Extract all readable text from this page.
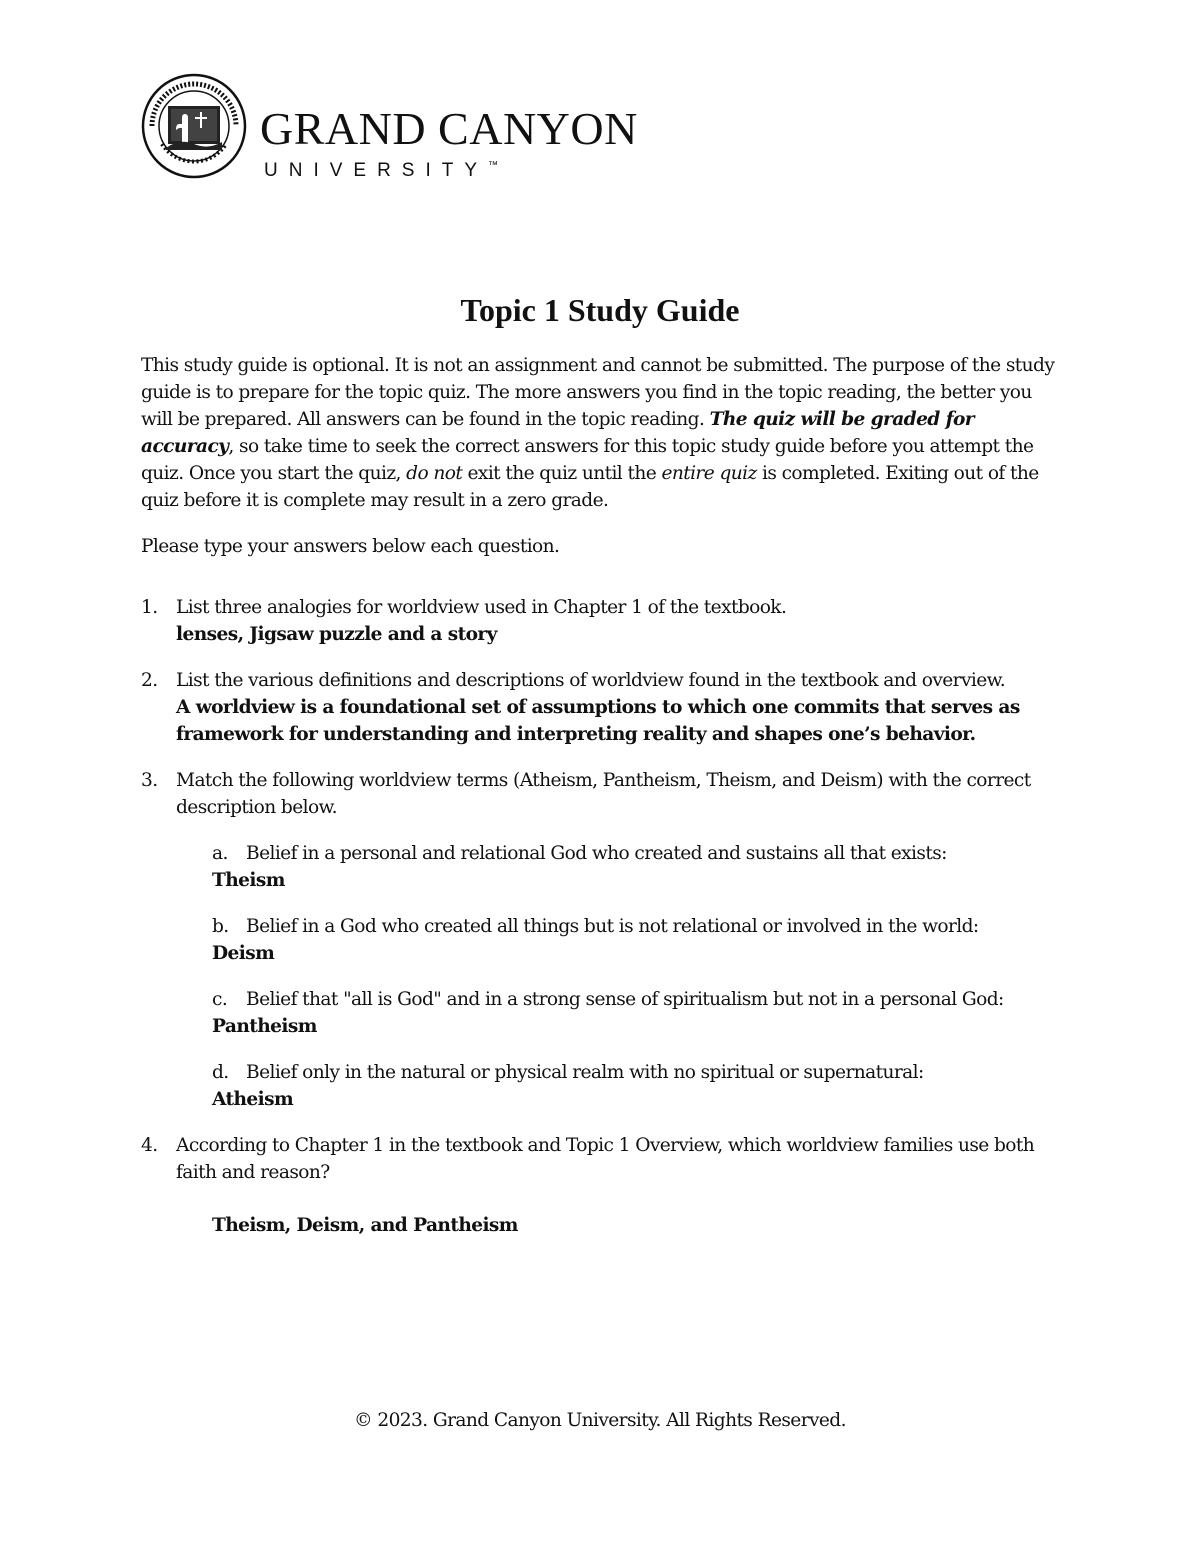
GRAND CANYON
UNIVERSITY™
Topic 1 Study Guide

This study guide is optional. It is not an assignment and cannot be submitted. The purpose of the study guide is to prepare for the topic quiz. The more answers you find in the topic reading, the better you will be prepared. All answers can be found in the topic reading. The quiz will be graded for accuracy, so take time to seek the correct answers for this topic study guide before you attempt the quiz. Once you start the quiz, do not exit the quiz until the entire quiz is completed. Exiting out of the quiz before it is complete may result in a zero grade.

Please type your answers below each question.

1. List three analogies for worldview used in Chapter 1 of the textbook.

lenses, Jigsaw puzzle and a story

2. List the various definitions and descriptions of worldview found in the textbook and overview.

A worldview is a foundational set of assumptions to which one commits that serves as framework for understanding and interpreting reality and shapes one’s behavior.

3. Match the following worldview terms (Atheism, Pantheism, Theism, and Deism) with the correct description below.
a. Belief in a personal and relational God who created and sustains all that exists:

Theism

b. Belief in a God who created all things but is not relational or involved in the world:

Deism

c. Belief that "all is God" and in a strong sense of spiritualism but not in a personal God:

Pantheism

d. Belief only in the natural or physical realm with no spiritual or supernatural:

Atheism

4. According to Chapter 1 in the textbook and Topic 1 Overview, which worldview families use both faith and reason?

Theism, Deism, and Pantheism

© 2023. Grand Canyon University. All Rights Reserved.
